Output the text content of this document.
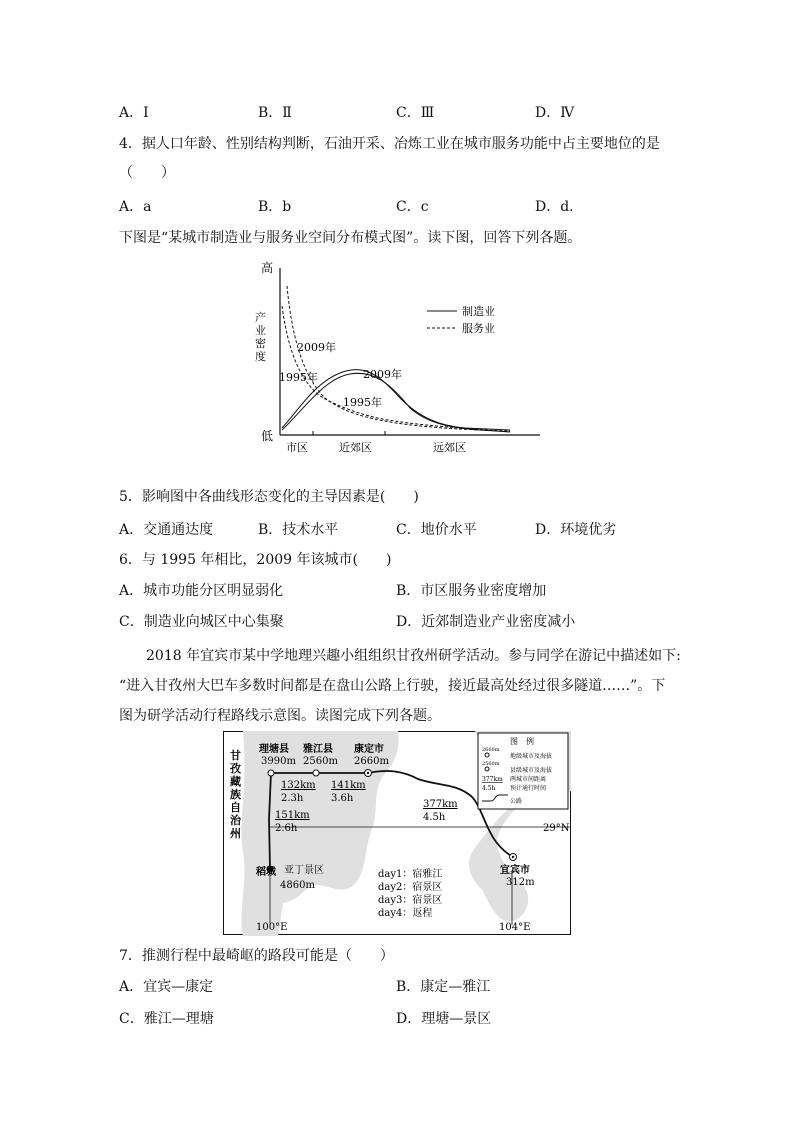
A．Ⅰ	B．Ⅱ	C．Ⅲ	D．Ⅳ
4．据人口年龄、性别结构判断，石油开采、冶炼工业在城市服务功能中占主要地位的是
（　　）
A．a	B．b	C．c	D．d.
下图是“某城市制造业与服务业空间分布模式图”。读下图，回答下列各题。
高
产
业
密
度
低
2009年
1995年	2009年
1995年
制造业
服务业
市区	近郊区	远郊区
5．影响图中各曲线形态变化的主导因素是(　　)
A．交通通达度	B．技术水平	C．地价水平	D．环境优劣
6．与 1995 年相比，2009 年该城市(　　)
A．城市功能分区明显弱化	B．市区服务业密度增加
C．制造业向城区中心集聚	D．近郊制造业产业密度减小
2018 年宜宾市某中学地理兴趣小组组织甘孜州研学活动。参与同学在游记中描述如下:
“进入甘孜州大巴车多数时间都是在盘山公路上行驶，接近最高处经过很多隧道……”。下
图为研学活动行程路线示意图。读图完成下列各题。
甘
孜
藏
族
自
治
州
理塘县
3990m
雅江县
2560m
康定市
2660m
宜宾市
312m
稻城 亚丁景区
4860m
132km
2.3h
141km
3.6h
377km
4.5h
151km
2.6h	29°N
100°E	104°E
day1：宿雅江
day2：宿景区
day3：宿景区
day4：返程
图　例
2660m
地级城市及海拔
2560m
县级城市及海拔
377km 两城市间距离
4.5h 预计通行时间
公路
7．推测行程中最崎岖的路段可能是（　　）
A．宜宾—康定	B．康定—雅江
C．雅江—理塘	D．理塘—景区
